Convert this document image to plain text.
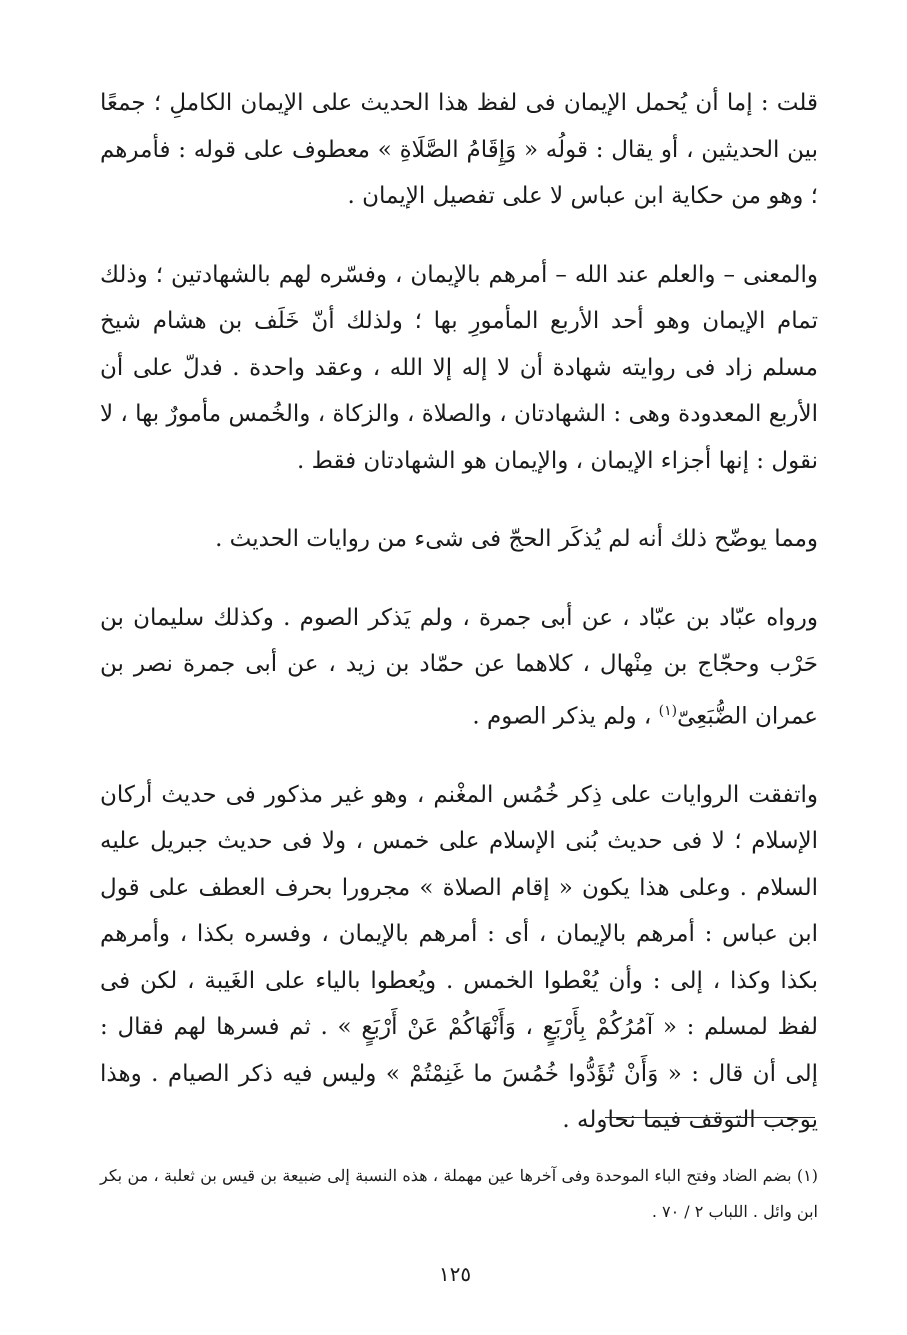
قلت : إما أن يُحمل الإيمان فى لفظ هذا الحديث على الإيمان الكاملِ ؛ جمعًا بين الحديثين ، أو يقال : قولُه « وَإِقَامُ الصَّلَاةِ » معطوف على قوله : فأمرهم ؛ وهو من حكاية ابن عباس لا على تفصيل الإيمان .

والمعنى – والعلم عند الله – أمرهم بالإيمان ، وفسّره لهم بالشهادتين ؛ وذلك تمام الإيمان وهو أحد الأربع المأمورِ بها ؛ ولذلك أنّ خَلَف بن هشام شيخ مسلم زاد فى روايته شهادة أن لا إله إلا الله ، وعقد واحدة . فدلّ على أن الأربع المعدودة وهى : الشهادتان ، والصلاة ، والزكاة ، والخُمس مأمورٌ بها ، لا نقول : إنها أجزاء الإيمان ، والإيمان هو الشهادتان فقط .

ومما يوضّح ذلك أنه لم يُذكَر الحجّ فى شىء من روايات الحديث .

ورواه عبّاد بن عبّاد ، عن أبى جمرة ، ولم يَذكر الصوم . وكذلك سليمان بن حَرْب وحجّاج بن مِنْهال ، كلاهما عن حمّاد بن زيد ، عن أبى جمرة نصر بن عمران الضُّبَعِىّ$^{(١)}$ ، ولم يذكر الصوم .

واتفقت الروايات على ذِكر خُمُس المغْنم ، وهو غير مذكور فى حديث أركان الإسلام ؛ لا فى حديث بُنى الإسلام على خمس ، ولا فى حديث جبريل عليه السلام . وعلى هذا يكون « إقام الصلاة » مجرورا بحرف العطف على قول ابن عباس : أمرهم بالإيمان ، أى : أمرهم بالإيمان ، وفسره بكذا ، وأمرهم بكذا وكذا ، إلى : وأن يُعْطوا الخمس . ويُعطوا بالياء على الغَيبة ، لكن فى لفظ لمسلم : « آمُرُكُمْ بِأَرْبَعٍ ، وَأَنْهَاكُمْ عَنْ أَرْبَعٍ » . ثم فسرها لهم فقال : إلى أن قال : « وَأَنْ تُؤَدُّوا خُمُسَ ما غَنِمْتُمْ » وليس فيه ذكر الصيام . وهذا يوجب التوقف فيما نحاوله .

(١) بضم الضاد وفتح الباء الموحدة وفى آخرها عين مهملة ، هذه النسبة إلى ضبيعة بن قيس بن ثعلبة ، من بكر ابن وائل . اللباب ٢ / ٧٠ .

١٢٥
